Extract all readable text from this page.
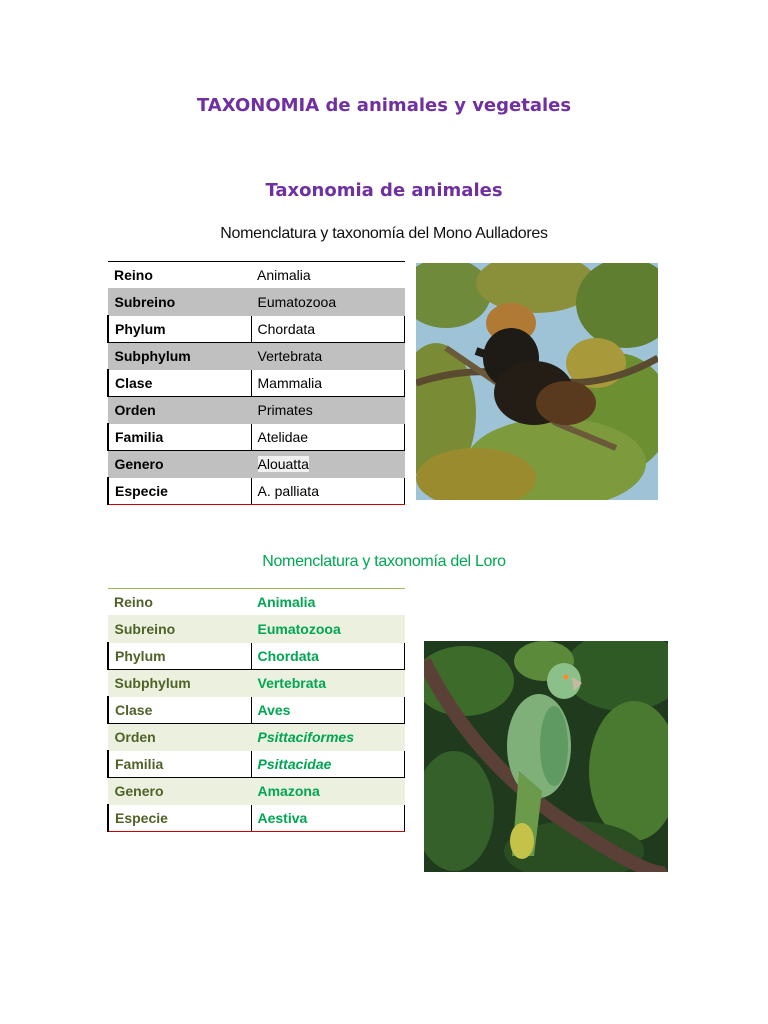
TAXONOMIA de animales y vegetales
Taxonomia de animales
Nomenclatura y taxonomía del Mono Aulladores
Reino	Animalia
Subreino	Eumatozooa
Phylum	Chordata
Subphylum	Vertebrata
Clase	Mammalia
Orden	Primates
Familia	Atelidae
Genero	Alouatta
Especie	A. palliata
Nomenclatura y taxonomía del Loro
Reino	Animalia
Subreino	Eumatozooa
Phylum	Chordata
Subphylum	Vertebrata
Clase	Aves
Orden	Psittaciformes
Familia	Psittacidae
Genero	Amazona
Especie	Aestiva
